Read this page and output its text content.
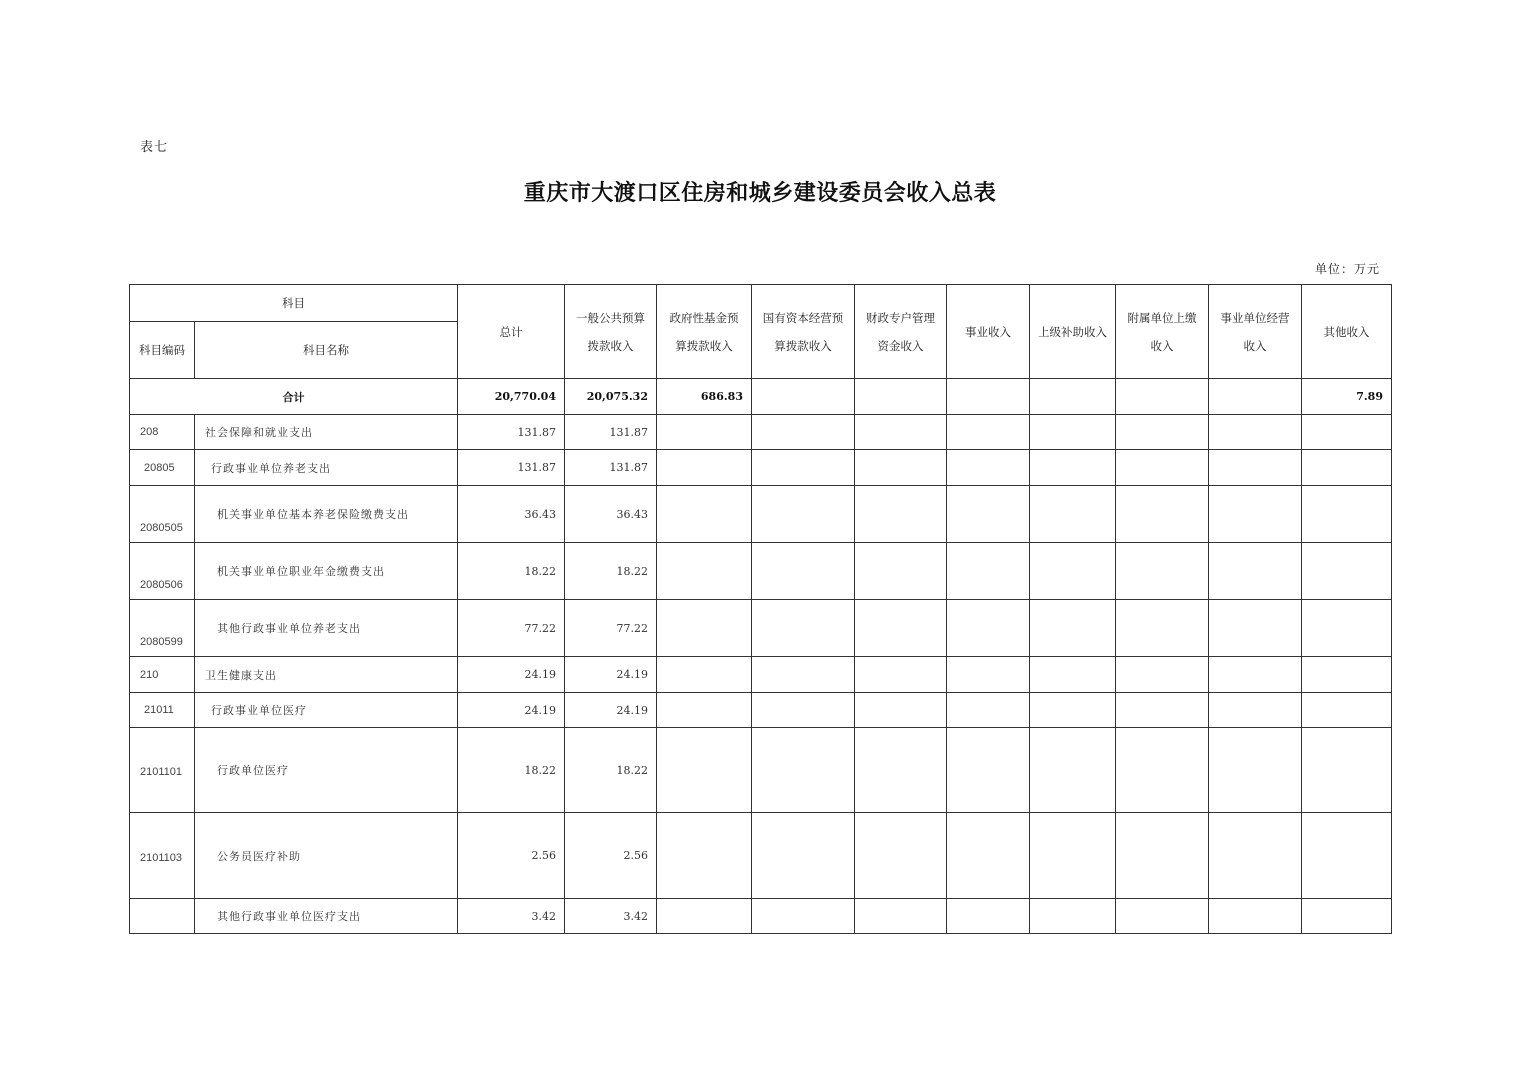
表七
重庆市大渡口区住房和城乡建设委员会收入总表
单位：万元
科目		总计	一般公共预算拨款收入	政府性基金预算拨款收入	国有资本经营预算拨款收入	财政专户管理资金收入	事业收入	上级补助收入	附属单位上缴收入	事业单位经营收入	其他收入
科目编码	科目名称										
合计		20,770.04	20,075.32	686.83							7.89
208	社会保障和就业支出	131.87	131.87								
20805	行政事业单位养老支出	131.87	131.87								
2080505	机关事业单位基本养老保险缴费支出	36.43	36.43								
2080506	机关事业单位职业年金缴费支出	18.22	18.22								
2080599	其他行政事业单位养老支出	77.22	77.22								
210	卫生健康支出	24.19	24.19								
21011	行政事业单位医疗	24.19	24.19								
2101101	行政单位医疗	18.22	18.22								
2101103	公务员医疗补助	2.56	2.56								
	其他行政事业单位医疗支出	3.42	3.42								
